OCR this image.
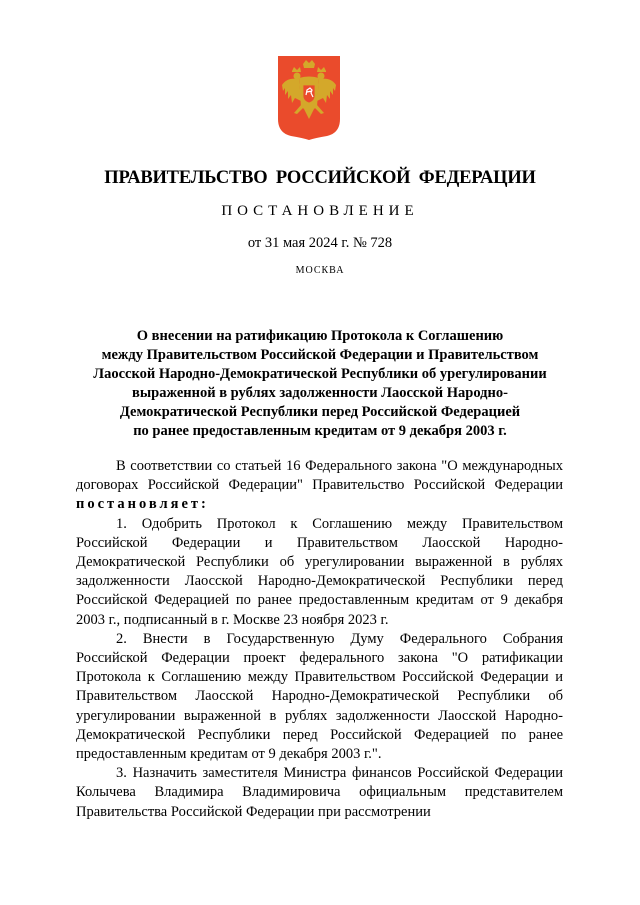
ПРАВИТЕЛЬСТВО РОССИЙСКОЙ ФЕДЕРАЦИИ
ПОСТАНОВЛЕНИЕ
от 31 мая 2024 г. № 728
МОСКВА
О внесении на ратификацию Протокола к Соглашению
между Правительством Российской Федерации и Правительством
Лаосской Народно-Демократической Республики об урегулировании
выраженной в рублях задолженности Лаосской Народно-
Демократической Республики перед Российской Федерацией
по ранее предоставленным кредитам от 9 декабря 2003 г.

В соответствии со статьей 16 Федерального закона "О международных договорах Российской Федерации" Правительство Российской Федерации постановляет:

1. Одобрить Протокол к Соглашению между Правительством Российской Федерации и Правительством Лаосской Народно-Демократической Республики об урегулировании выраженной в рублях задолженности Лаосской Народно-Демократической Республики перед Российской Федерацией по ранее предоставленным кредитам от 9 декабря 2003 г., подписанный в г. Москве 23 ноября 2023 г.

2. Внести в Государственную Думу Федерального Собрания Российской Федерации проект федерального закона "О ратификации Протокола к Соглашению между Правительством Российской Федерации и Правительством Лаосской Народно-Демократической Республики об урегулировании выраженной в рублях задолженности Лаосской Народно-Демократической Республики перед Российской Федерацией по ранее предоставленным кредитам от 9 декабря 2003 г.".

3. Назначить заместителя Министра финансов Российской Федерации Колычева Владимира Владимировича официальным представителем Правительства Российской Федерации при рассмотрении
